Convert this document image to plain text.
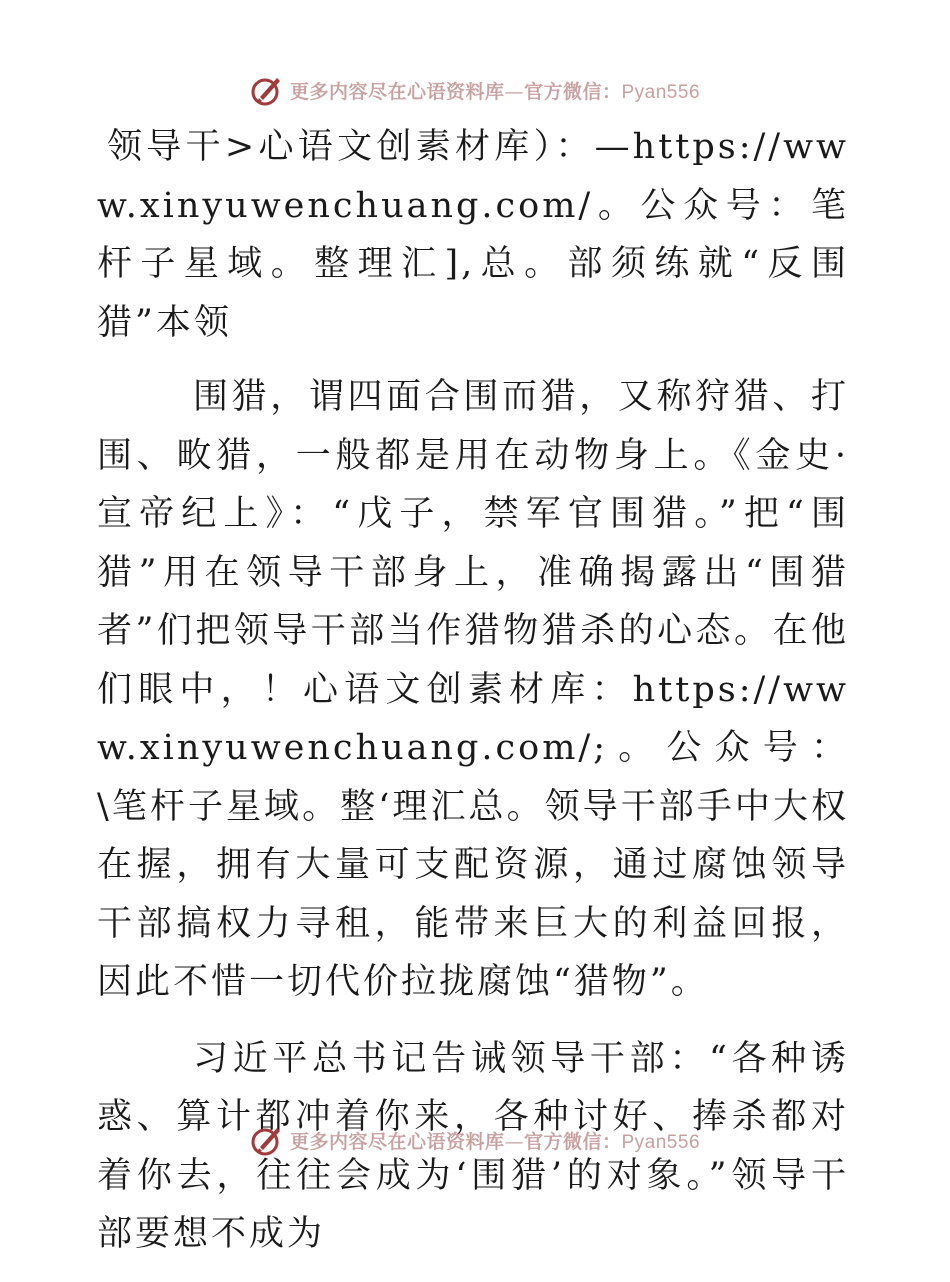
更多内容尽在心语资料库—官方微信：Pyan556

领导干>心语文创素材库）：—https://www.xinyuwenchuang.com/。公众号：笔杆子星域。整理汇],总。部须练就“反围猎”本领

围猎，谓四面合围而猎，又称狩猎、打围、畋猎，一般都是用在动物身上。《金史·宣帝纪上》：“戊子，禁军官围猎。”把“围猎”用在领导干部身上，准确揭露出“围猎者”们把领导干部当作猎物猎杀的心态。在他们眼中，！心语文创素材库：https://www.xinyuwenchuang.com/;。公众号：\笔杆子星域。整‘理汇总。领导干部手中大权在握，拥有大量可支配资源，通过腐蚀领导干部搞权力寻租，能带来巨大的利益回报，因此不惜一切代价拉拢腐蚀“猎物”。

习近平总书记告诫领导干部：“各种诱惑、算计都冲着你来，各种讨好、捧杀都对着你去，往往会成为‘围猎’的对象。”领导干部要想不成为

更多内容尽在心语资料库—官方微信：Pyan556
